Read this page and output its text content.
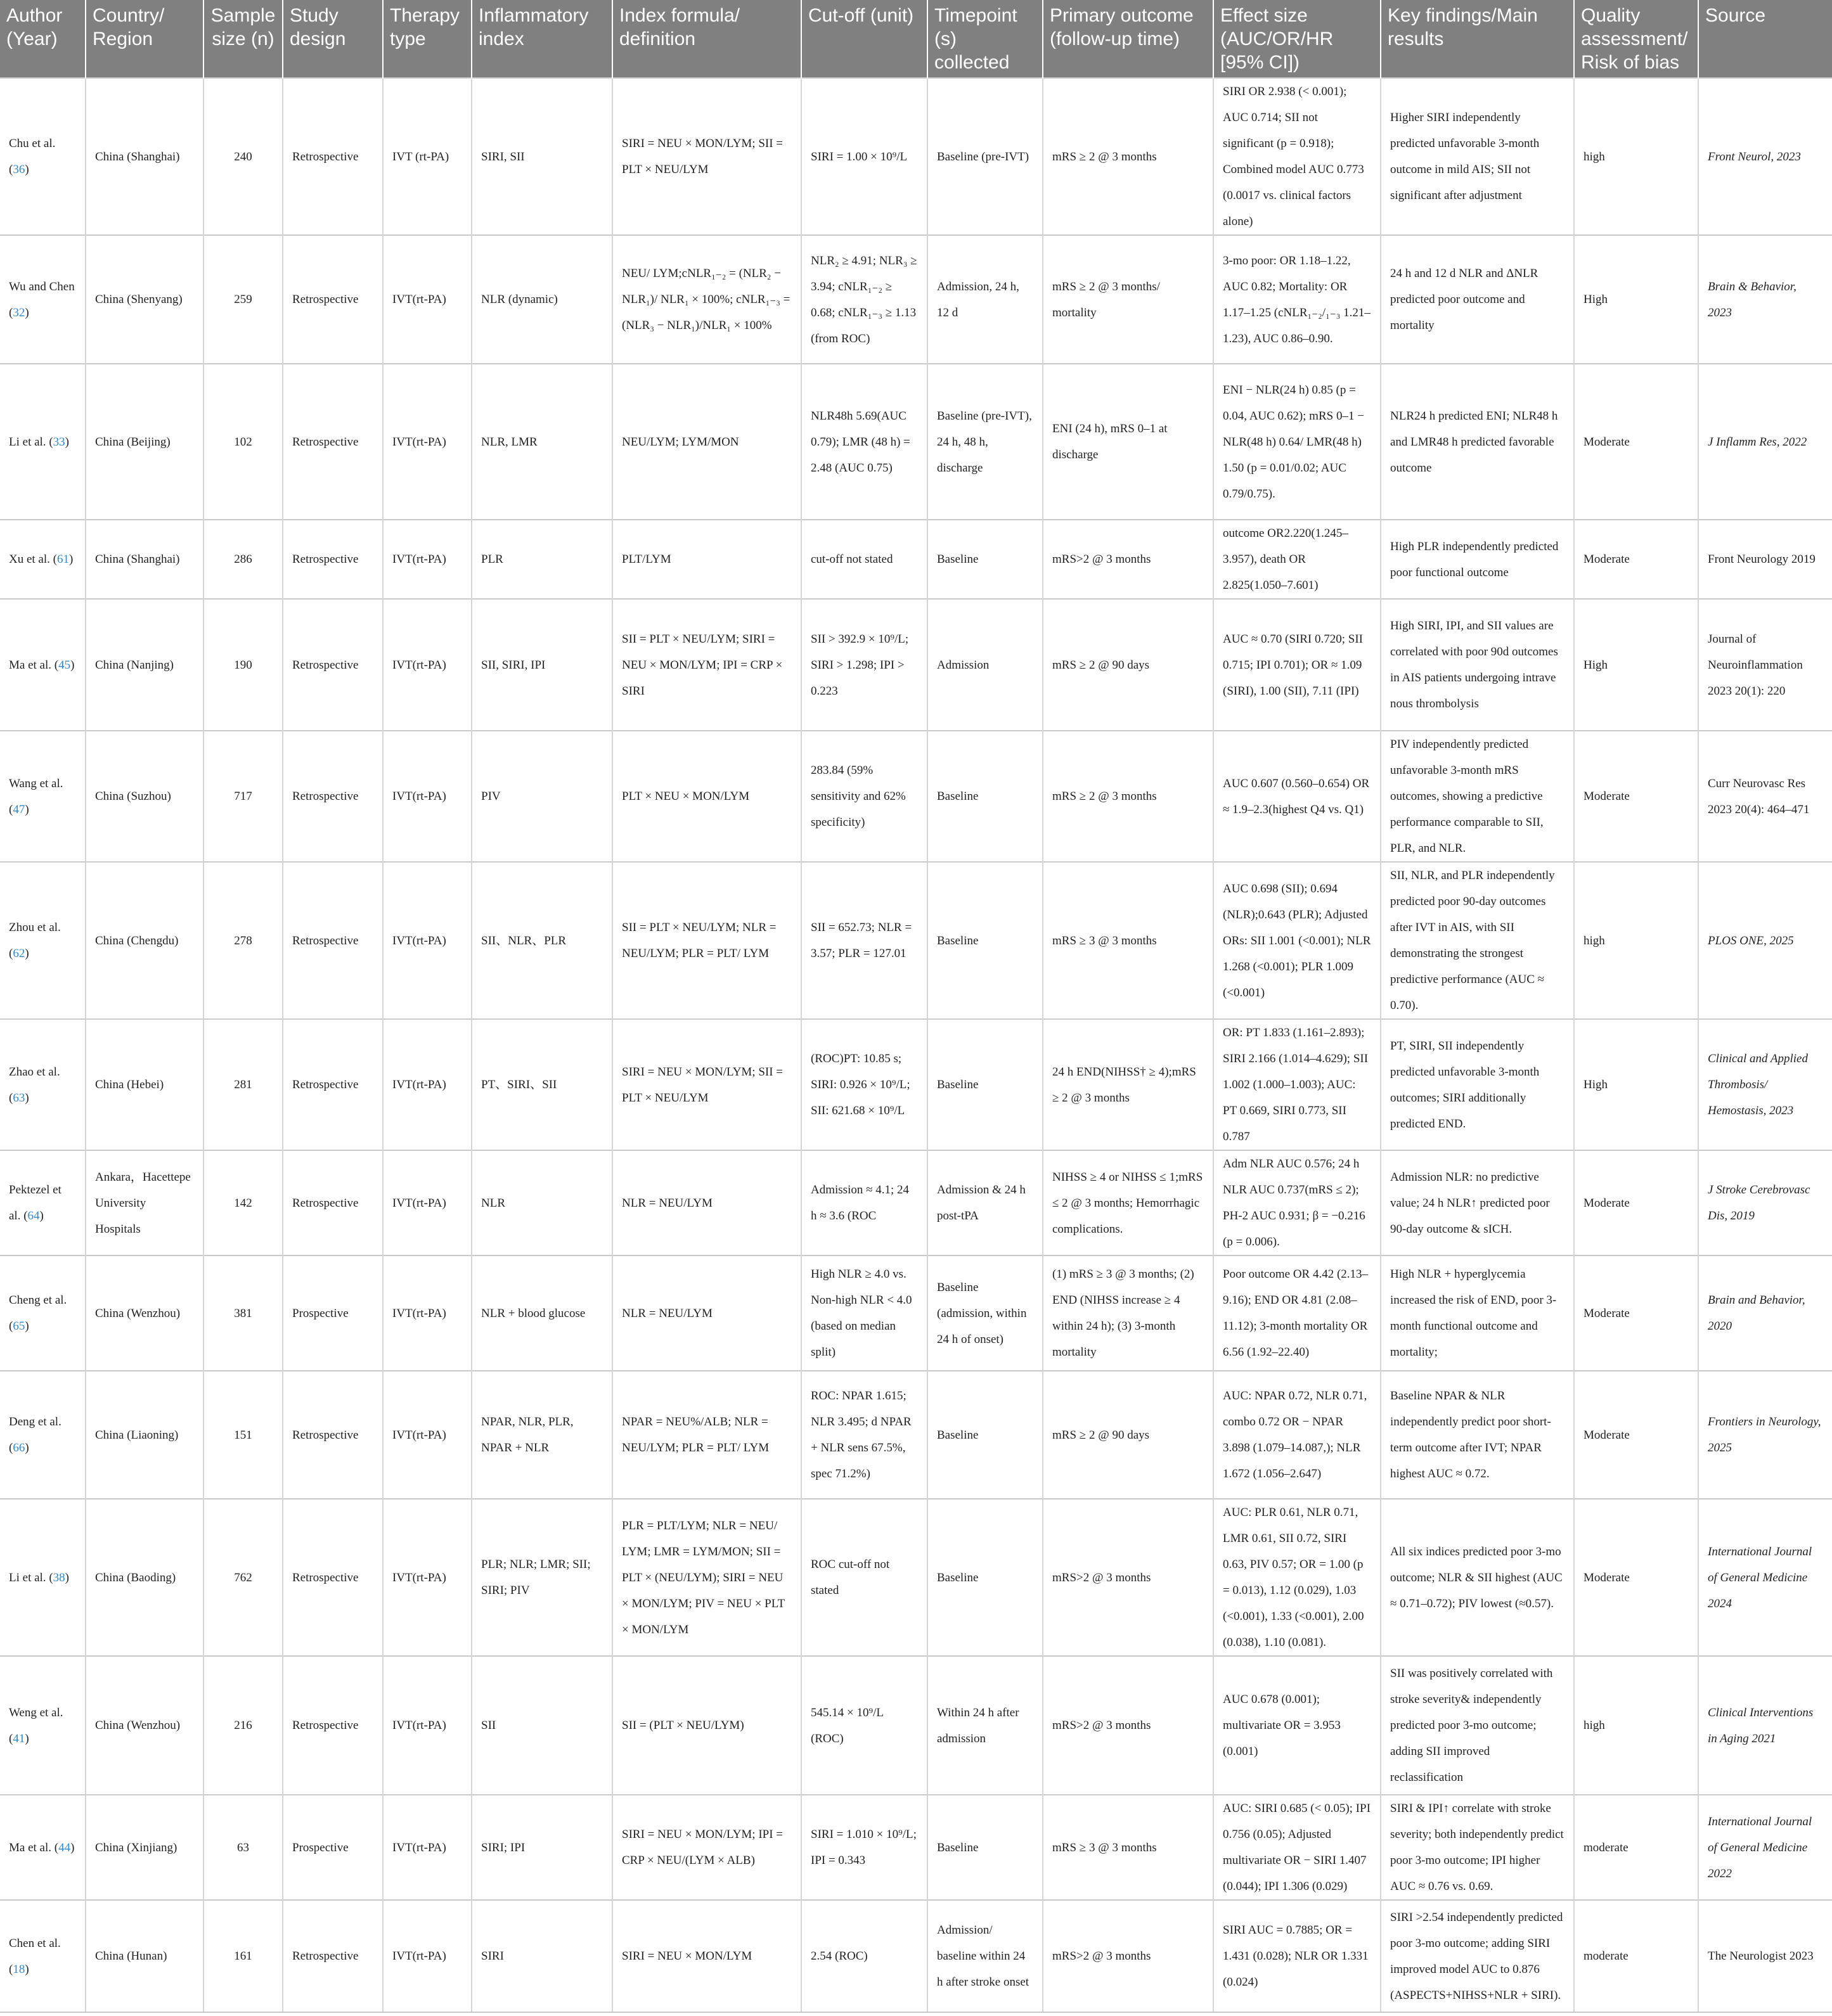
Author (Year)	Country/ Region	Sample size (n)	Study design	Therapy type	Inflammatory index	Index formula/ definition	Cut-off (unit)	Timepoint (s) collected	Primary outcome (follow-up time)	Effect size (AUC/OR/HR [95% CI])	Key findings/Main results	Quality assessment/ Risk of bias	Source
Chu et al. (36)	China (Shanghai)	240	Retrospective	IVT (rt-PA)	SIRI, SII	SIRI = NEU × MON/LYM; SII = PLT × NEU/LYM	SIRI = 1.00 × 10⁹/L	Baseline (pre-IVT)	mRS ≥ 2 @ 3 months	SIRI OR 2.938 (< 0.001); AUC 0.714; SII not significant (p = 0.918); Combined model AUC 0.773 (0.0017 vs. clinical factors alone)	Higher SIRI independently predicted unfavorable 3-month outcome in mild AIS; SII not significant after adjustment	high	Front Neurol, 2023
Wu and Chen (32)	China (Shenyang)	259	Retrospective	IVT(rt-PA)	NLR (dynamic)	NEU/ LYM;cNLR₁₋₂ = (NLR₂ − NLR₁)/ NLR₁ × 100%; cNLR₁₋₃ = (NLR₃ − NLR₁)/NLR₁ × 100%	NLR₂ ≥ 4.91; NLR₃ ≥ 3.94; cNLR₁₋₂ ≥ 0.68; cNLR₁₋₃ ≥ 1.13 (from ROC)	Admission, 24 h, 12 d	mRS ≥ 2 @ 3 months/ mortality	3-mo poor: OR 1.18–1.22, AUC 0.82; Mortality: OR 1.17–1.25 (cNLR₁₋₂/₁₋₃ 1.21–1.23), AUC 0.86–0.90.	24 h and 12 d NLR and ΔNLR predicted poor outcome and mortality	High	Brain & Behavior, 2023
Li et al. (33)	China (Beijing)	102	Retrospective	IVT(rt-PA)	NLR, LMR	NEU/LYM; LYM/MON	NLR48h 5.69(AUC 0.79); LMR (48 h) = 2.48 (AUC 0.75)	Baseline (pre-IVT), 24 h, 48 h, discharge	ENI (24 h), mRS 0–1 at discharge	ENI − NLR(24 h) 0.85 (p = 0.04, AUC 0.62); mRS 0–1 − NLR(48 h) 0.64/ LMR(48 h) 1.50 (p = 0.01/0.02; AUC 0.79/0.75).	NLR24 h predicted ENI; NLR48 h and LMR48 h predicted favorable outcome	Moderate	J Inflamm Res, 2022
Xu et al. (61)	China (Shanghai)	286	Retrospective	IVT(rt-PA)	PLR	PLT/LYM	cut-off not stated	Baseline	mRS>2 @ 3 months	outcome OR2.220(1.245–3.957), death OR 2.825(1.050–7.601)	High PLR independently predicted poor functional outcome	Moderate	Front Neurology 2019
Ma et al. (45)	China (Nanjing)	190	Retrospective	IVT(rt-PA)	SII, SIRI, IPI	SII = PLT × NEU/LYM; SIRI = NEU × MON/LYM; IPI = CRP × SIRI	SII > 392.9 × 10⁹/L; SIRI > 1.298; IPI > 0.223	Admission	mRS ≥ 2 @ 90 days	AUC ≈ 0.70 (SIRI 0.720; SII 0.715; IPI 0.701); OR ≈ 1.09 (SIRI), 1.00 (SII), 7.11 (IPI)	High SIRI, IPI, and SII values are correlated with poor 90d outcomes in AIS patients undergoing intrave nous thrombolysis	High	Journal of Neuroinflammation 2023 20(1): 220
Wang et al. (47)	China (Suzhou)	717	Retrospective	IVT(rt-PA)	PIV	PLT × NEU × MON/LYM	283.84 (59% sensitivity and 62% specificity)	Baseline	mRS ≥ 2 @ 3 months	AUC 0.607 (0.560–0.654) OR ≈ 1.9–2.3(highest Q4 vs. Q1)	PIV independently predicted unfavorable 3-month mRS outcomes, showing a predictive performance comparable to SII, PLR, and NLR.	Moderate	Curr Neurovasc Res 2023 20(4): 464–471
Zhou et al. (62)	China (Chengdu)	278	Retrospective	IVT(rt-PA)	SII、NLR、PLR	SII = PLT × NEU/LYM; NLR = NEU/LYM; PLR = PLT/ LYM	SII = 652.73; NLR = 3.57; PLR = 127.01	Baseline	mRS ≥ 3 @ 3 months	AUC 0.698 (SII); 0.694 (NLR);0.643 (PLR); Adjusted ORs: SII 1.001 (<0.001); NLR 1.268 (<0.001); PLR 1.009 (<0.001)	SII, NLR, and PLR independently predicted poor 90-day outcomes after IVT in AIS, with SII demonstrating the strongest predictive performance (AUC ≈ 0.70).	high	PLOS ONE, 2025
Zhao et al. (63)	China (Hebei)	281	Retrospective	IVT(rt-PA)	PT、SIRI、SII	SIRI = NEU × MON/LYM; SII = PLT × NEU/LYM	(ROC)PT: 10.85 s; SIRI: 0.926 × 10⁹/L; SII: 621.68 × 10⁹/L	Baseline	24 h END(NIHSS† ≥ 4);mRS ≥ 2 @ 3 months	OR: PT 1.833 (1.161–2.893); SIRI 2.166 (1.014–4.629); SII 1.002 (1.000–1.003); AUC: PT 0.669, SIRI 0.773, SII 0.787	PT, SIRI, SII independently predicted unfavorable 3-month outcomes; SIRI additionally predicted END.	High	Clinical and Applied Thrombosis/ Hemostasis, 2023
Pektezel et al. (64)	Ankara，Hacettepe University Hospitals	142	Retrospective	IVT(rt-PA)	NLR	NLR = NEU/LYM	Admission ≈ 4.1; 24 h ≈ 3.6 (ROC	Admission & 24 h post-tPA	NIHSS ≥ 4 or NIHSS ≤ 1;mRS ≤ 2 @ 3 months; Hemorrhagic complications.	Adm NLR AUC 0.576; 24 h NLR AUC 0.737(mRS ≤ 2); PH-2 AUC 0.931; β = −0.216 (p = 0.006).	Admission NLR: no predictive value; 24 h NLR↑ predicted poor 90-day outcome & sICH.	Moderate	J Stroke Cerebrovasc Dis, 2019
Cheng et al. (65)	China (Wenzhou)	381	Prospective	IVT(rt-PA)	NLR + blood glucose	NLR = NEU/LYM	High NLR ≥ 4.0 vs. Non-high NLR < 4.0 (based on median split)	Baseline (admission, within 24 h of onset)	(1) mRS ≥ 3 @ 3 months; (2) END (NIHSS increase ≥ 4 within 24 h); (3) 3-month mortality	Poor outcome OR 4.42 (2.13–9.16); END OR 4.81 (2.08–11.12); 3-month mortality OR 6.56 (1.92–22.40)	High NLR + hyperglycemia increased the risk of END, poor 3-month functional outcome and mortality;	Moderate	Brain and Behavior, 2020
Deng et al. (66)	China (Liaoning)	151	Retrospective	IVT(rt-PA)	NPAR, NLR, PLR, NPAR + NLR	NPAR = NEU%/ALB; NLR = NEU/LYM; PLR = PLT/ LYM	ROC: NPAR 1.615; NLR 3.495; d NPAR + NLR sens 67.5%, spec 71.2%)	Baseline	mRS ≥ 2 @ 90 days	AUC: NPAR 0.72, NLR 0.71, combo 0.72 OR − NPAR 3.898 (1.079–14.087,); NLR 1.672 (1.056–2.647)	Baseline NPAR & NLR independently predict poor short-term outcome after IVT; NPAR highest AUC ≈ 0.72.	Moderate	Frontiers in Neurology, 2025
Li et al. (38)	China (Baoding)	762	Retrospective	IVT(rt-PA)	PLR; NLR; LMR; SII; SIRI; PIV	PLR = PLT/LYM; NLR = NEU/ LYM; LMR = LYM/MON; SII = PLT × (NEU/LYM); SIRI = NEU × MON/LYM; PIV = NEU × PLT × MON/LYM	ROC cut-off not stated	Baseline	mRS>2 @ 3 months	AUC: PLR 0.61, NLR 0.71, LMR 0.61, SII 0.72, SIRI 0.63, PIV 0.57; OR = 1.00 (p = 0.013), 1.12 (0.029), 1.03 (<0.001), 1.33 (<0.001), 2.00 (0.038), 1.10 (0.081).	All six indices predicted poor 3-mo outcome; NLR & SII highest (AUC ≈ 0.71–0.72); PIV lowest (≈0.57).	Moderate	International Journal of General Medicine 2024
Weng et al. (41)	China (Wenzhou)	216	Retrospective	IVT(rt-PA)	SII	SII = (PLT × NEU/LYM)	545.14 × 10⁹/L (ROC)	Within 24 h after admission	mRS>2 @ 3 months	AUC 0.678 (0.001); multivariate OR = 3.953 (0.001)	SII was positively correlated with stroke severity& independently predicted poor 3-mo outcome; adding SII improved reclassification	high	Clinical Interventions in Aging 2021
Ma et al. (44)	China (Xinjiang)	63	Prospective	IVT(rt-PA)	SIRI; IPI	SIRI = NEU × MON/LYM; IPI = CRP × NEU/(LYM × ALB)	SIRI = 1.010 × 10⁹/L; IPI = 0.343	Baseline	mRS ≥ 3 @ 3 months	AUC: SIRI 0.685 (< 0.05); IPI 0.756 (0.05); Adjusted multivariate OR − SIRI 1.407 (0.044); IPI 1.306 (0.029)	SIRI & IPI↑ correlate with stroke severity; both independently predict poor 3-mo outcome; IPI higher AUC ≈ 0.76 vs. 0.69.	moderate	International Journal of General Medicine 2022
Chen et al. (18)	China (Hunan)	161	Retrospective	IVT(rt-PA)	SIRI	SIRI = NEU × MON/LYM	2.54 (ROC)	Admission/ baseline within 24 h after stroke onset	mRS>2 @ 3 months	SIRI AUC = 0.7885; OR = 1.431 (0.028); NLR OR 1.331 (0.024)	SIRI >2.54 independently predicted poor 3-mo outcome; adding SIRI improved model AUC to 0.876 (ASPECTS+NIHSS+NLR + SIRI).	moderate	The Neurologist 2023
